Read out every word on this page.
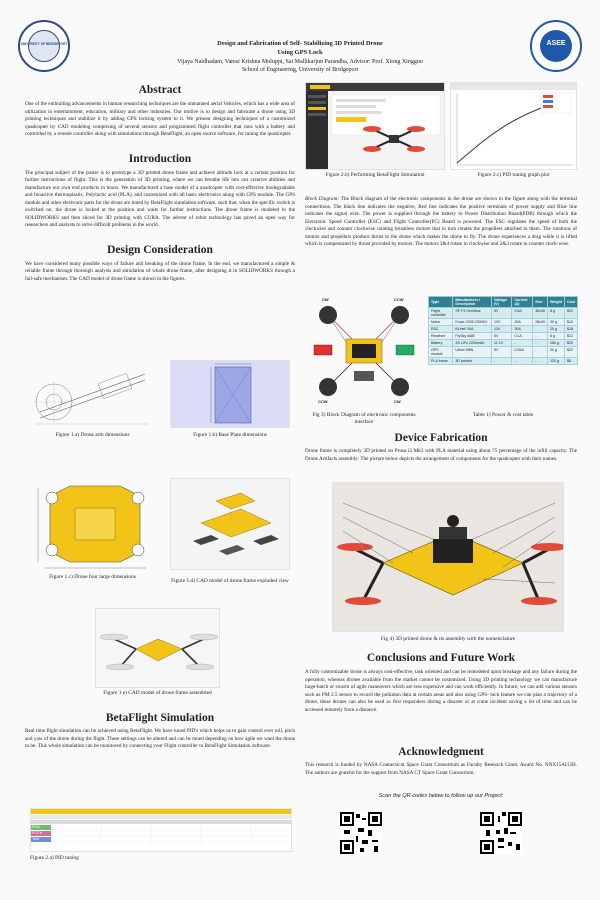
UNIVERSITY OF BRIDGEPORT	Design and Fabrication of Self- Stabilizing 3D Printed Drone
Using GPS Lock
Vijaya Naidhadam, Vamsi Krishna Moluppi, Sai Mallikarjun Parandha, Advisor: Prof. Xiong Xingguo
School of Engineering, University of Bridgeport
ASEE
Abstract
One of the enthralling advancements in human researching techniques are the unmanned aerial Vehicles, which has a wide area of utilization in entertainment, education, military and other industries. Our motive is to design and fabricate a drone using 3D printing techniques and stabilize it by adding GPS locking system to it. We present designing techniques of a customized quadcopter by CAD modeling comprising of several sensors and programmed flight controller that runs with a battery and controlled by a remote controller along with simulations through BetaFlight, an open source software, for tuning the quadcopter.
Introduction
The principal subject of the poster is to prototype a 3D printed drone frame and achieve altitude lock at a certain position for further instructions of flight. This is the generation of 3D printing, where we can breathe life into our creative abilities and manufacture our own end products in hours. We manufactured a base model of a quadcopter with cost-effective biodegradable and bioactive thermoplastic, Polylactic acid (PLA), and customized with all basic electronics along with GPS module. The GPS module and other electronic parts for the drone are tuned by BetaFlight simulation software, such that, when the specific switch is switched on, the drone is locked at the position and waits for further instructions. The drone frame is modeled in the SOLIDWORKS and then sliced for 3D printing with CURA. The advent of robot technology has paved an open way for researchers and analysts to solve difficult problems in the world.
Design Consideration
We have considered many possible ways of failure and breaking of the drone frame. In the end, we manufactured a simple & reliable frame through thorough analysis and simulation of whole drone frame, after designing it in SOLIDWORKS through a fail-safe mechanism. The CAD model of drone frame is shown in the figures.
Figure 1.a) Drone arm dimensions	Figure 1.b) Base Plate dimensions
Figure 1.c) Drone four large dimensions
Figure 1.d) CAD model of drone frame exploded view
Figure 1.e) CAD model of drone frame assembled
BetaFlight Simulation
Real time flight simulation can be achieved using BetaFlight. We have tuned PID's which helps us to gain control over roll, pitch and yaw of the drone during the flight. These settings can be altered and can be tuned depending on how agile we want the drone to be. This whole simulation can be monitored by connecting your Flight controller to BetaFlight Simulation software.
ROLL
PITCH
YAW
Figure 2.a) PID tuning
Figure 2.b) Performing BetaFlight Simulation	Figure 2.c) PID tuning graph plot
Block Diagram: The Block diagram of the electronic components in the drone are shown in the figure along with the terminal connections. The black line indicates the negative, Red line indicates the positive terminals of power supply and Blue line indicates the signal wire. The power is supplied through the battery to Power Distribution Board(PDB) through which the Electronic Speed Controller (ESC) and Flight Controller(FC) Board is powered. The ESC regulates the speed of both the clockwise and counter clockwise rotating brushless motors that in turn rotates the propellers attached to them. The rotations of motors and propellers produce thrust to the drone which makes the drone to fly. The drone experiences a drag while it is lifted which is compensated by thrust provided by motors. The motors 3&4 rotate in clockwise and 2&3 rotate in counter clock-wise.
CW	CCW
CCW	CW
Fig 3) Block Diagram of electronic components interface
Type	Manufacturer / Description	Voltage (V)	Current (A)	Size	Weight	Cost
Flight controller	SP F3 Omnibus	5V	0.5A	36x36	8 g	$20
Motor	Emax 2205 2300KV	12V	20A	28x30	30 g	$15
ESC	BLHeli 30A	12V	30A	-	25 g	$18
Receiver	FlySky iA6B	5V	0.1A	-	6 g	$12
Battery	3S LiPo 2200mAh	11.1V	-	-	180 g	$25
GPS module	Ublox M8N	5V	0.05A	-	20 g	$22
PLA frame	3D printed	-	-	-	120 g	$8
Table 1) Power & cost table
Device Fabrication
Drone frame is completely 3D printed on Prusa i3 Mk3 with PLA material using about 75 percentage of the infill capacity. The Drone Artifacts assembly: The picture below depicts the arrangement of components for the quadcopter with their names.
Fig 4) 3D printed drone & its assembly with the nomenclature
Conclusions and Future Work
A fully customizable drone is always cost-effective, task oriented and can be remodeled upon breakage and any failure during the operation, whereas drones available from the market cannot be customized. Using 3D printing technology we can manufacture large-batch or swarm of agile maneuvers which are less expensive and can work efficiently. In future, we can add various sensors such as PM 2.5 sensor to record the pollution data at certain areas and also using GPS- lock feature we can plan a trajectory of a drone, these drones can also be used as first responders during a disaster or at crane incident saving a lot of time and can be accessed remotely from a distance.
Acknowledgment
This research is funded by NASA Connecticut Space Grant Consortium as Faculty Research Grant, Award No. NNX15AI12H. The authors are grateful for the support from NASA CT Space Grant Consortium.
Scan the QR codes below to follow up our Project:
